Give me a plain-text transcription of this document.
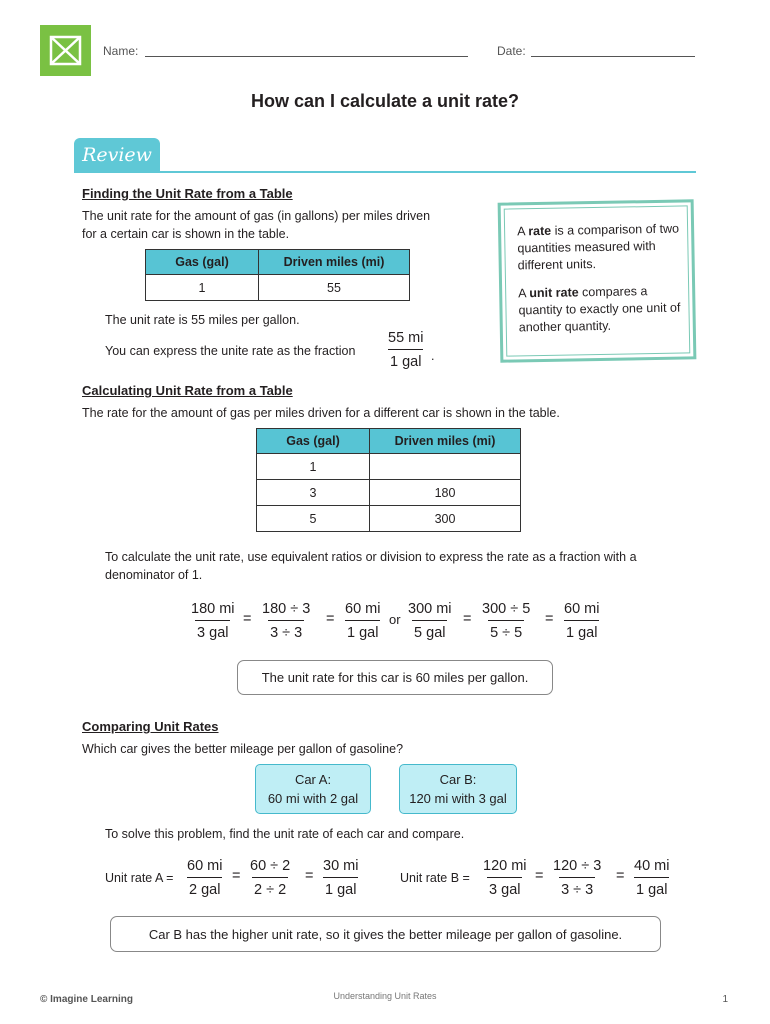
Name:	Date:
How can I calculate a unit rate?
Review
Finding the Unit Rate from a Table
The unit rate for the amount of gas (in gallons) per miles driven
for a certain car is shown in the table.
Gas (gal)	Driven miles (mi)
1	55
The unit rate is 55 miles per gallon.
You can express the unite rate as the fraction
55 mi
1 gal .
A rate is a comparison of two quantities measured with different units.
A unit rate compares a quantity to exactly one unit of another quantity.
Calculating Unit Rate from a Table
The rate for the amount of gas per miles driven for a different car is shown in the table.
Gas (gal)	Driven miles (mi)
1	
3	180
5	300
To calculate the unit rate, use equivalent ratios or division to express the rate as a fraction with a
denominator of 1.
180 mi
3 gal
= $\frac{180 \div 3}{3 \div 3}$ =
60 mi
1 gal
or
300 mi
5 gal
= $\frac{300 \div 5}{5 \div 5}$ =
60 mi
1 gal
The unit rate for this car is 60 miles per gallon.
Comparing Unit Rates
Which car gives the better mileage per gallon of gasoline?
Car A:
60 mi with 2 gal
Car B:
120 mi with 3 gal
To solve this problem, find the unit rate of each car and compare.
Unit rate A =
60 mi
2 gal
= $\frac{60 \div 2}{2 \div 2}$ =
30 mi
1 gal
Unit rate B =
120 mi
3 gal
= $\frac{120 \div 3}{3 \div 3}$ =
40 mi
1 gal
Car B has the higher unit rate, so it gives the better mileage per gallon of gasoline.
© Imagine Learning	Understanding Unit Rates	1
